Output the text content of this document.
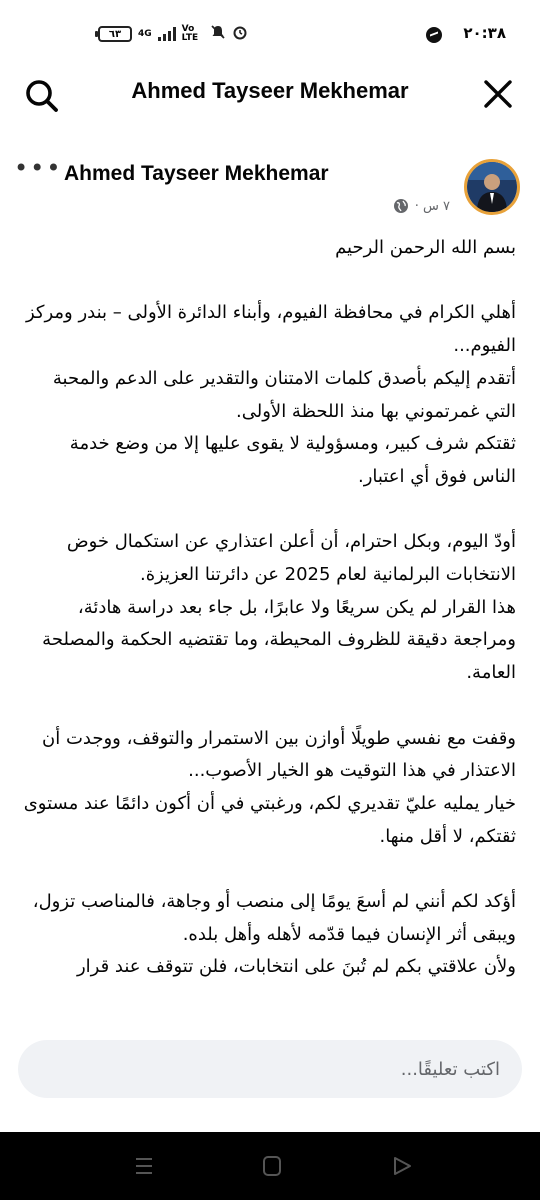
٦٣ 4G	Vo LTE	٢٠:٣٨
Ahmed Tayseer Mekhemar
••• Ahmed Tayseer Mekhemar
٧ س ·

بسم الله الرحمن الرحيم

أهلي الكرام في محافظة الفيوم، وأبناء الدائرة الأولى – بندر ومركز الفيوم...

أتقدم إليكم بأصدق كلمات الامتنان والتقدير على الدعم والمحبة التي غمرتموني بها منذ اللحظة الأولى.

ثقتكم شرف كبير، ومسؤولية لا يقوى عليها إلا من وضع خدمة الناس فوق أي اعتبار.

أودّ اليوم، وبكل احترام، أن أعلن اعتذاري عن استكمال خوض الانتخابات البرلمانية لعام 2025 عن دائرتنا العزيزة.

هذا القرار لم يكن سريعًا ولا عابرًا، بل جاء بعد دراسة هادئة، ومراجعة دقيقة للظروف المحيطة، وما تقتضيه الحكمة والمصلحة العامة.

وقفت مع نفسي طويلًا أوازن بين الاستمرار والتوقف، ووجدت أن الاعتذار في هذا التوقيت هو الخيار الأصوب...

خيار يمليه عليّ تقديري لكم، ورغبتي في أن أكون دائمًا عند مستوى ثقتكم، لا أقل منها.

أؤكد لكم أنني لم أسعَ يومًا إلى منصب أو وجاهة، فالمناصب تزول، ويبقى أثر الإنسان فيما قدّمه لأهله وأهل بلده.

ولأن علاقتي بكم لم تُبنَ على انتخابات، فلن تتوقف عند قرار

اكتب تعليقًا...
